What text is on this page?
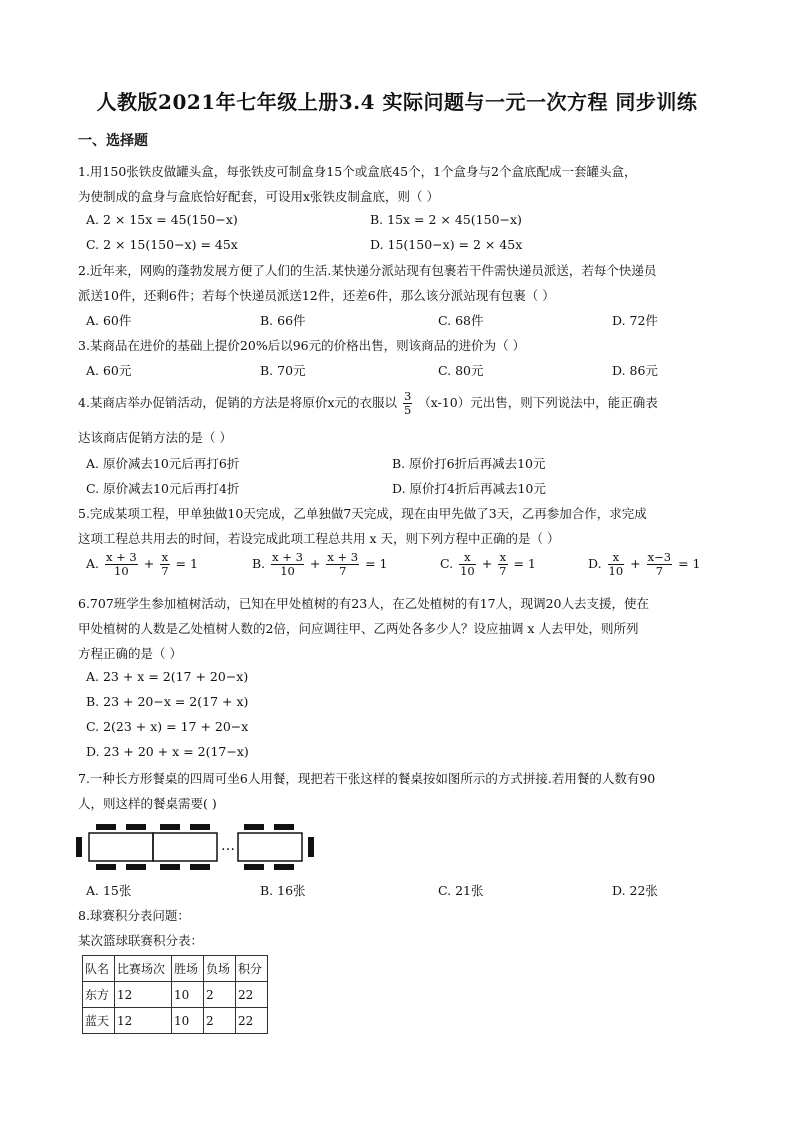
人教版2021年七年级上册3.4 实际问题与一元一次方程 同步训练
一、选择题
1.用150张铁皮做罐头盒，每张铁皮可制盒身15个或盒底45个，1个盒身与2个盒底配成一套罐头盒，
为使制成的盒身与盒底恰好配套，可设用x张铁皮制盒底，则（ ）
A. 2 × 15x = 45(150−x)	B. 15x = 2 × 45(150−x)
C. 2 × 15(150−x) = 45x	D. 15(150−x) = 2 × 45x
2.近年来，网购的蓬勃发展方便了人们的生活.某快递分派站现有包裹若干件需快递员派送，若每个快递员
派送10件，还剩6件；若每个快递员派送12件，还差6件，那么该分派站现有包裹（ ）
A. 60件	B. 66件	C. 68件	D. 72件
3.某商品在进价的基础上提价20%后以96元的价格出售，则该商品的进价为（ ）
A. 60元	B. 70元	C. 80元	D. 86元
4.某商店举办促销活动，促销的方法是将原价x元的衣服以 $\frac{3}{5} (x-10)$元出售，则下列说法中，能正确表
达该商店促销方法的是（ ）
A. 原价减去10元后再打6折	B. 原价打6折后再减去10元
C. 原价减去10元后再打4折	D. 原价打4折后再减去10元
5.完成某项工程，甲单独做10天完成，乙单独做7天完成，现在由甲先做了3天，乙再参加合作，求完成
这项工程总共用去的时间，若设完成此项工程总共用 x 天，则下列方程中正确的是（ ）
A. $\frac{x + 3}{10} + \frac{x}{7} = 1$	B. $\frac{x + 3}{10} + \frac{x + 3}{7} = 1$	C. $\frac{x}{10} + \frac{x}{7} = 1$	D. $\frac{x}{10} + \frac{x-3}{7} = 1$
6.707班学生参加植树活动，已知在甲处植树的有23人，在乙处植树的有17人，现调20人去支援，使在
甲处植树的人数是乙处植树人数的2倍，问应调往甲、乙两处各多少人？设应抽调 x 人去甲处，则所列
方程正确的是（ ）
A. 23 + x = 2(17 + 20−x)
B. 23 + 20−x = 2(17 + x)
C. 2(23 + x) = 17 + 20−x
D. 23 + 20 + x = 2(17−x)
7.一种长方形餐桌的四周可坐6人用餐，现把若干张这样的餐桌按如图所示的方式拼接.若用餐的人数有90
人，则这样的餐桌需要( )
…
A. 15张	B. 16张	C. 21张	D. 22张
8.球赛积分表问题：
某次篮球联赛积分表：
队名	比赛场次	胜场	负场	积分
东方	12	10	2	22
蓝天	12	10	2	22
